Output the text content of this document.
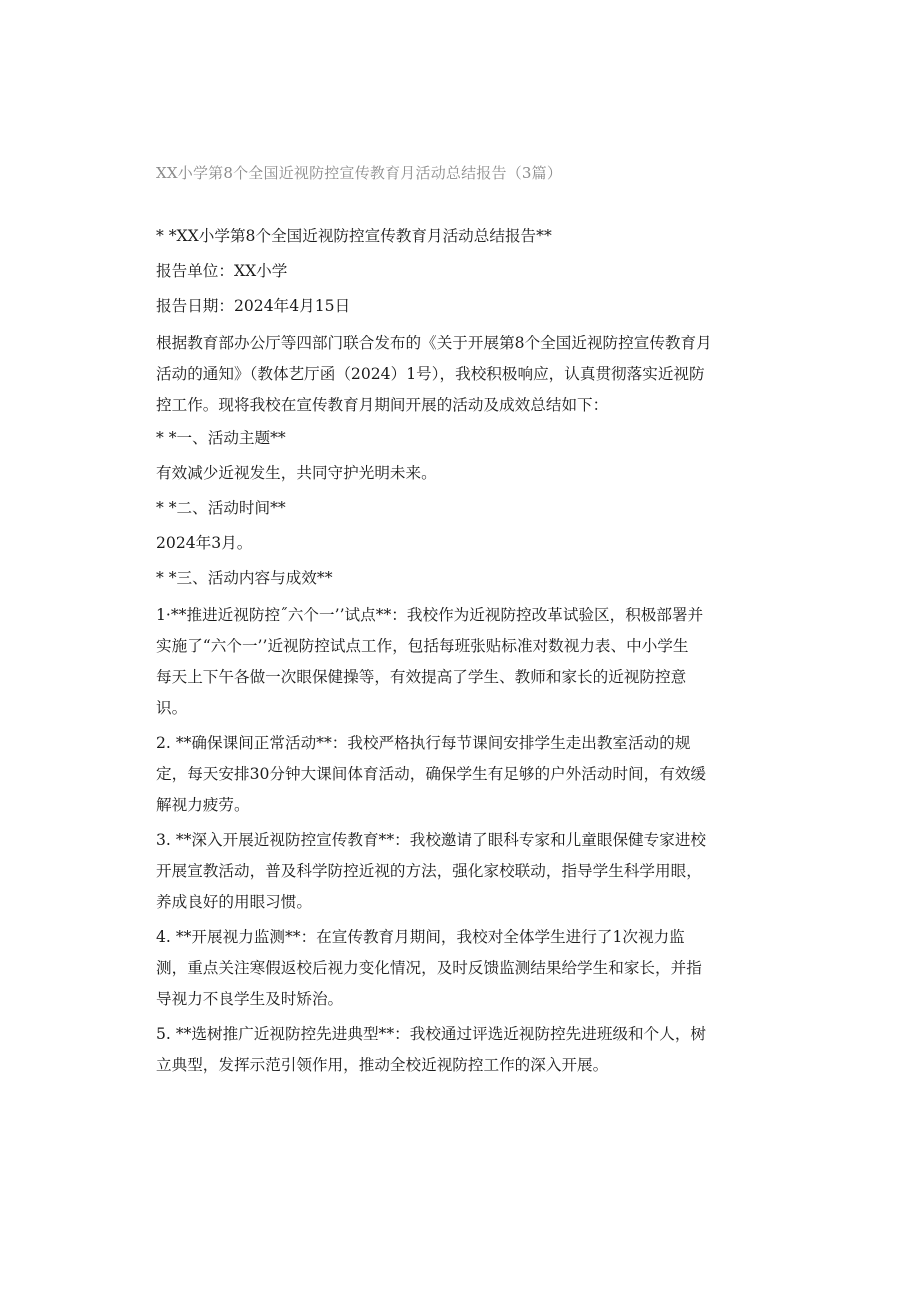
XX小学第8个全国近视防控宣传教育月活动总结报告（3篇）
* *XX小学第8个全国近视防控宣传教育月活动总结报告**
报告单位：XX小学
报告日期：2024年4月15日
根据教育部办公厅等四部门联合发布的《关于开展第8个全国近视防控宣传教育月
活动的通知》（教体艺厅函（2024）1号），我校积极响应，认真贯彻落实近视防
控工作。现将我校在宣传教育月期间开展的活动及成效总结如下：
* *一、活动主题**
有效减少近视发生，共同守护光明未来。
* *二、活动时间**
2024年3月。
* *三、活动内容与成效**
1·**推进近视防控˝六个一’’试点**：我校作为近视防控改革试验区，积极部署并
实施了“六个一’’近视防控试点工作，包括每班张贴标准对数视力表、中小学生
每天上下午各做一次眼保健操等，有效提高了学生、教师和家长的近视防控意
识。
2. **确保课间正常活动**：我校严格执行每节课间安排学生走出教室活动的规
定，每天安排30分钟大课间体育活动，确保学生有足够的户外活动时间，有效缓
解视力疲劳。
3. **深入开展近视防控宣传教育**：我校邀请了眼科专家和儿童眼保健专家进校
开展宣教活动，普及科学防控近视的方法，强化家校联动，指导学生科学用眼，
养成良好的用眼习惯。
4. **开展视力监测**：在宣传教育月期间，我校对全体学生进行了1次视力监
测，重点关注寒假返校后视力变化情况，及时反馈监测结果给学生和家长，并指
导视力不良学生及时矫治。
5. **选树推广近视防控先进典型**：我校通过评选近视防控先进班级和个人，树
立典型，发挥示范引领作用，推动全校近视防控工作的深入开展。
